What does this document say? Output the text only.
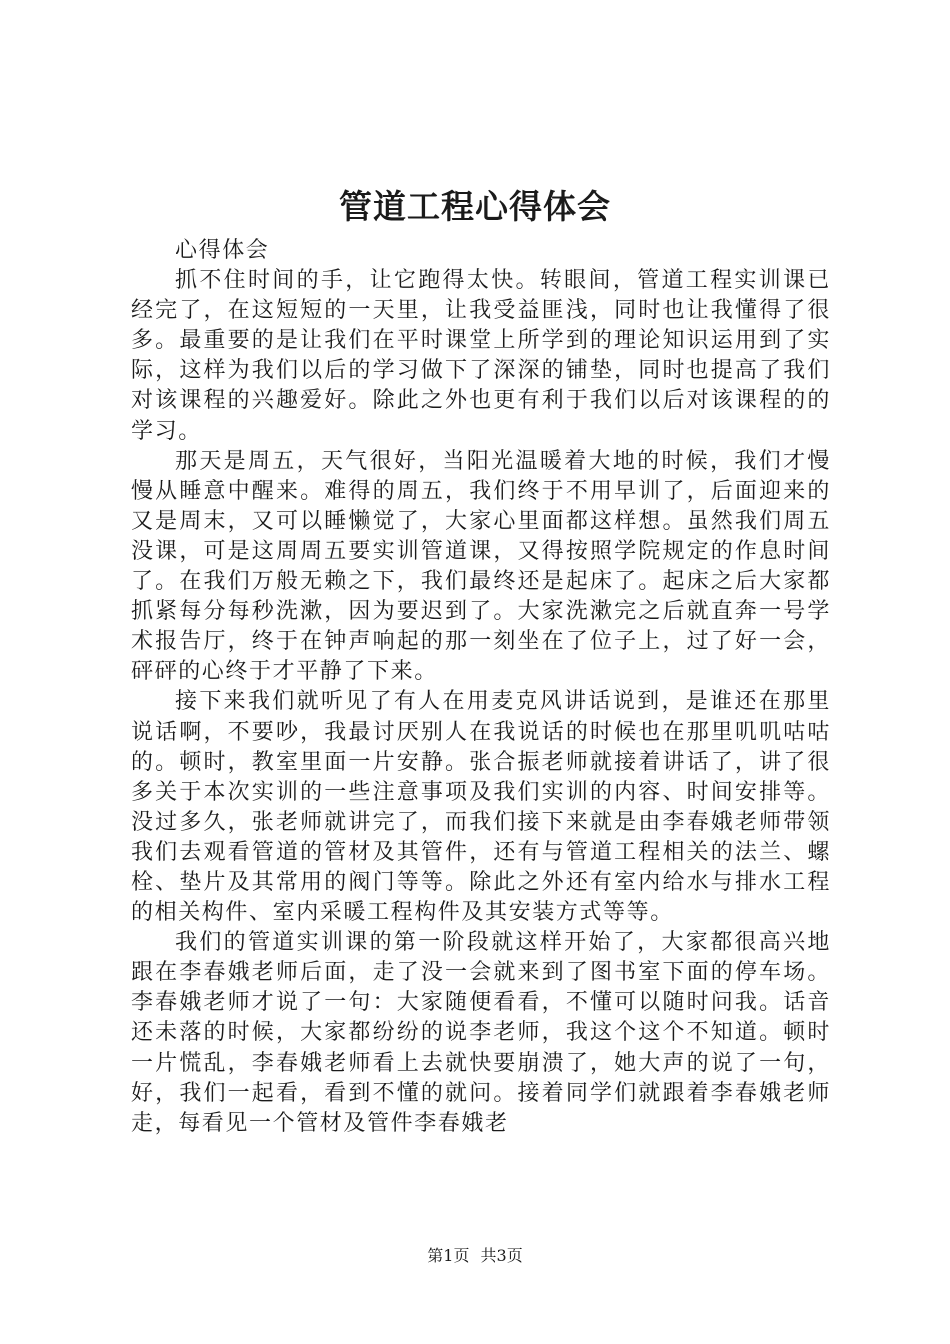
管道工程心得体会

心得体会

抓不住时间的手，让它跑得太快。转眼间，管道工程实训课已经完了，在这短短的一天里，让我受益匪浅，同时也让我懂得了很多。最重要的是让我们在平时课堂上所学到的理论知识运用到了实际，这样为我们以后的学习做下了深深的铺垫，同时也提高了我们对该课程的兴趣爱好。除此之外也更有利于我们以后对该课程的的学习。

那天是周五，天气很好，当阳光温暖着大地的时候，我们才慢慢从睡意中醒来。难得的周五，我们终于不用早训了，后面迎来的又是周末，又可以睡懒觉了，大家心里面都这样想。虽然我们周五没课，可是这周周五要实训管道课，又得按照学院规定的作息时间了。在我们万般无赖之下，我们最终还是起床了。起床之后大家都抓紧每分每秒洗漱，因为要迟到了。大家洗漱完之后就直奔一号学术报告厅，终于在钟声响起的那一刻坐在了位子上，过了好一会，砰砰的心终于才平静了下来。

接下来我们就听见了有人在用麦克风讲话说到，是谁还在那里说话啊，不要吵，我最讨厌别人在我说话的时候也在那里叽叽咕咕的。顿时，教室里面一片安静。张合振老师就接着讲话了，讲了很多关于本次实训的一些注意事项及我们实训的内容、时间安排等。没过多久，张老师就讲完了，而我们接下来就是由李春娥老师带领我们去观看管道的管材及其管件，还有与管道工程相关的法兰、螺栓、垫片及其常用的阀门等等。除此之外还有室内给水与排水工程的相关构件、室内采暖工程构件及其安装方式等等。

我们的管道实训课的第一阶段就这样开始了，大家都很高兴地跟在李春娥老师后面，走了没一会就来到了图书室下面的停车场。李春娥老师才说了一句：大家随便看看，不懂可以随时问我。话音还未落的时候，大家都纷纷的说李老师，我这个这个不知道。顿时一片慌乱，李春娥老师看上去就快要崩溃了，她大声的说了一句，好，我们一起看，看到不懂的就问。接着同学们就跟着李春娥老师走，每看见一个管材及管件李春娥老

第1页 共3页
